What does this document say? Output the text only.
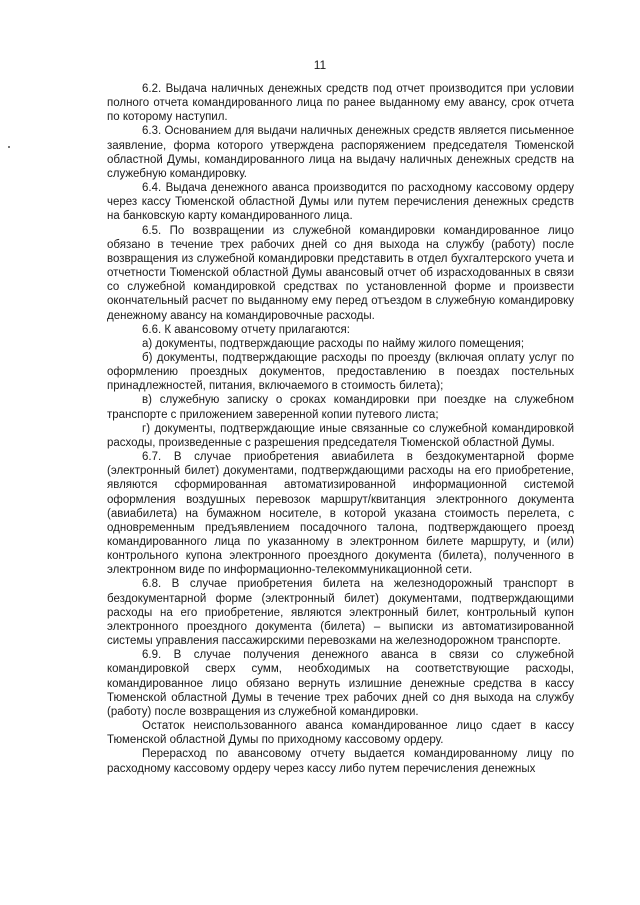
11

6.2. Выдача наличных денежных средств под отчет производится при условии полного отчета командированного лица по ранее выданному ему авансу, срок отчета по которому наступил.

6.3. Основанием для выдачи наличных денежных средств является письменное заявление, форма которого утверждена распоряжением председателя Тюменской областной Думы, командированного лица на выдачу наличных денежных средств на служебную командировку.

6.4. Выдача денежного аванса производится по расходному кассовому ордеру через кассу Тюменской областной Думы или путем перечисления денежных средств на банковскую карту командированного лица.

6.5. По возвращении из служебной командировки командированное лицо обязано в течение трех рабочих дней со дня выхода на службу (работу) после возвращения из служебной командировки представить в отдел бухгалтерского учета и отчетности Тюменской областной Думы авансовый отчет об израсходованных в связи со служебной командировкой средствах по установленной форме и произвести окончательный расчет по выданному ему перед отъездом в служебную командировку денежному авансу на командировочные расходы.

6.6. К авансовому отчету прилагаются:

а) документы, подтверждающие расходы по найму жилого помещения;

б) документы, подтверждающие расходы по проезду (включая оплату услуг по оформлению проездных документов, предоставлению в поездах постельных принадлежностей, питания, включаемого в стоимость билета);

в) служебную записку о сроках командировки при поездке на служебном транспорте с приложением заверенной копии путевого листа;

г) документы, подтверждающие иные связанные со служебной командировкой расходы, произведенные с разрешения председателя Тюменской областной Думы.

6.7. В случае приобретения авиабилета в бездокументарной форме (электронный билет) документами, подтверждающими расходы на его приобретение, являются сформированная автоматизированной информационной системой оформления воздушных перевозок маршрут/квитанция электронного документа (авиабилета) на бумажном носителе, в которой указана стоимость перелета, с одновременным предъявлением посадочного талона, подтверждающего проезд командированного лица по указанному в электронном билете маршруту, и (или) контрольного купона электронного проездного документа (билета), полученного в электронном виде по информационно-телекоммуникационной сети.

6.8. В случае приобретения билета на железнодорожный транспорт в бездокументарной форме (электронный билет) документами, подтверждающими расходы на его приобретение, являются электронный билет, контрольный купон электронного проездного документа (билета) – выписки из автоматизированной системы управления пассажирскими перевозками на железнодорожном транспорте.

6.9. В случае получения денежного аванса в связи со служебной командировкой сверх сумм, необходимых на соответствующие расходы, командированное лицо обязано вернуть излишние денежные средства в кассу Тюменской областной Думы в течение трех рабочих дней со дня выхода на службу (работу) после возвращения из служебной командировки.

Остаток неиспользованного аванса командированное лицо сдает в кассу Тюменской областной Думы по приходному кассовому ордеру.

Перерасход по авансовому отчету выдается командированному лицу по расходному кассовому ордеру через кассу либо путем перечисления денежных
